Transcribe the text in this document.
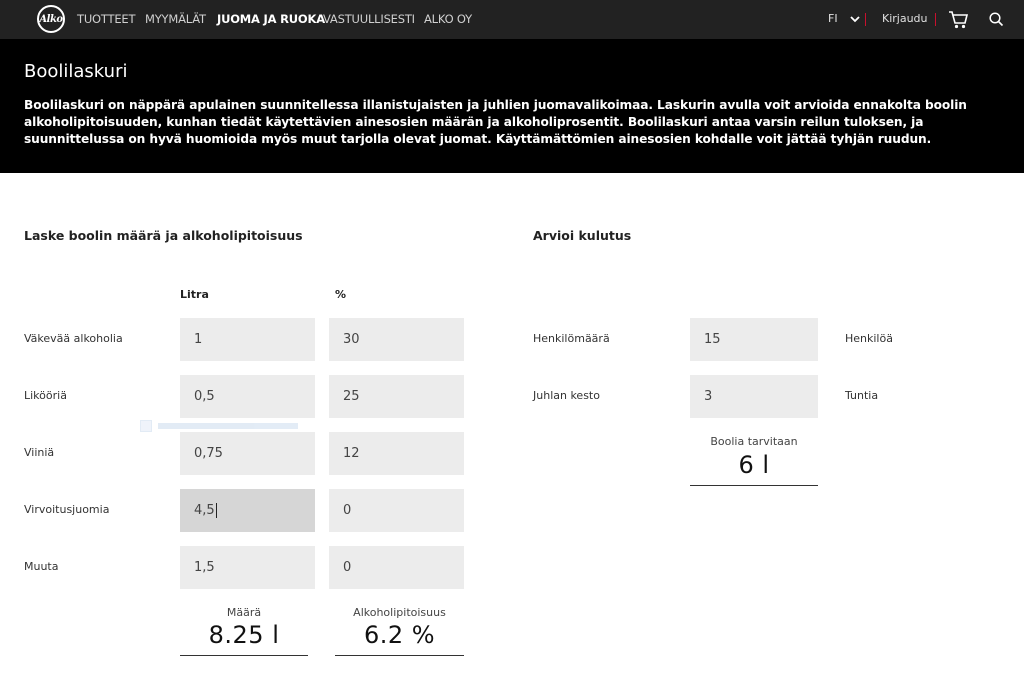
Alko TUOTTEET MYYMÄLÄT JUOMA JA RUOKA
VASTUULLISESTI ALKO OY	FI	Kirjaudu
Boolilaskuri

Boolilaskuri on näppärä apulainen suunnitellessa illanistujaisten ja juhlien juomavalikoimaa. Laskurin avulla voit arvioida ennakolta boolin alkoholipitoisuuden, kunhan tiedät käytettävien ainesosien määrän ja alkoholiprosentit. Boolilaskuri antaa varsin reilun tuloksen, ja suunnittelussa on hyvä huomioida myös muut tarjolla olevat juomat. Käyttämättömien ainesosien kohdalle voit jättää tyhjän ruudun.

Laske boolin määrä ja alkoholipitoisuus
Litra	%
Väkevää alkoholia	1	30
Likööriä	0,5	25
Viiniä	0,75	12
Virvoitusjuomia	4,5	0
Muuta	1,5	0
Määrä
8.25 l
Alkoholipitoisuus
6.2 %
Arvioi kulutus
Henkilömäärä	15	Henkilöä
Juhlan kesto	3	Tuntia
Boolia tarvitaan
6 l
